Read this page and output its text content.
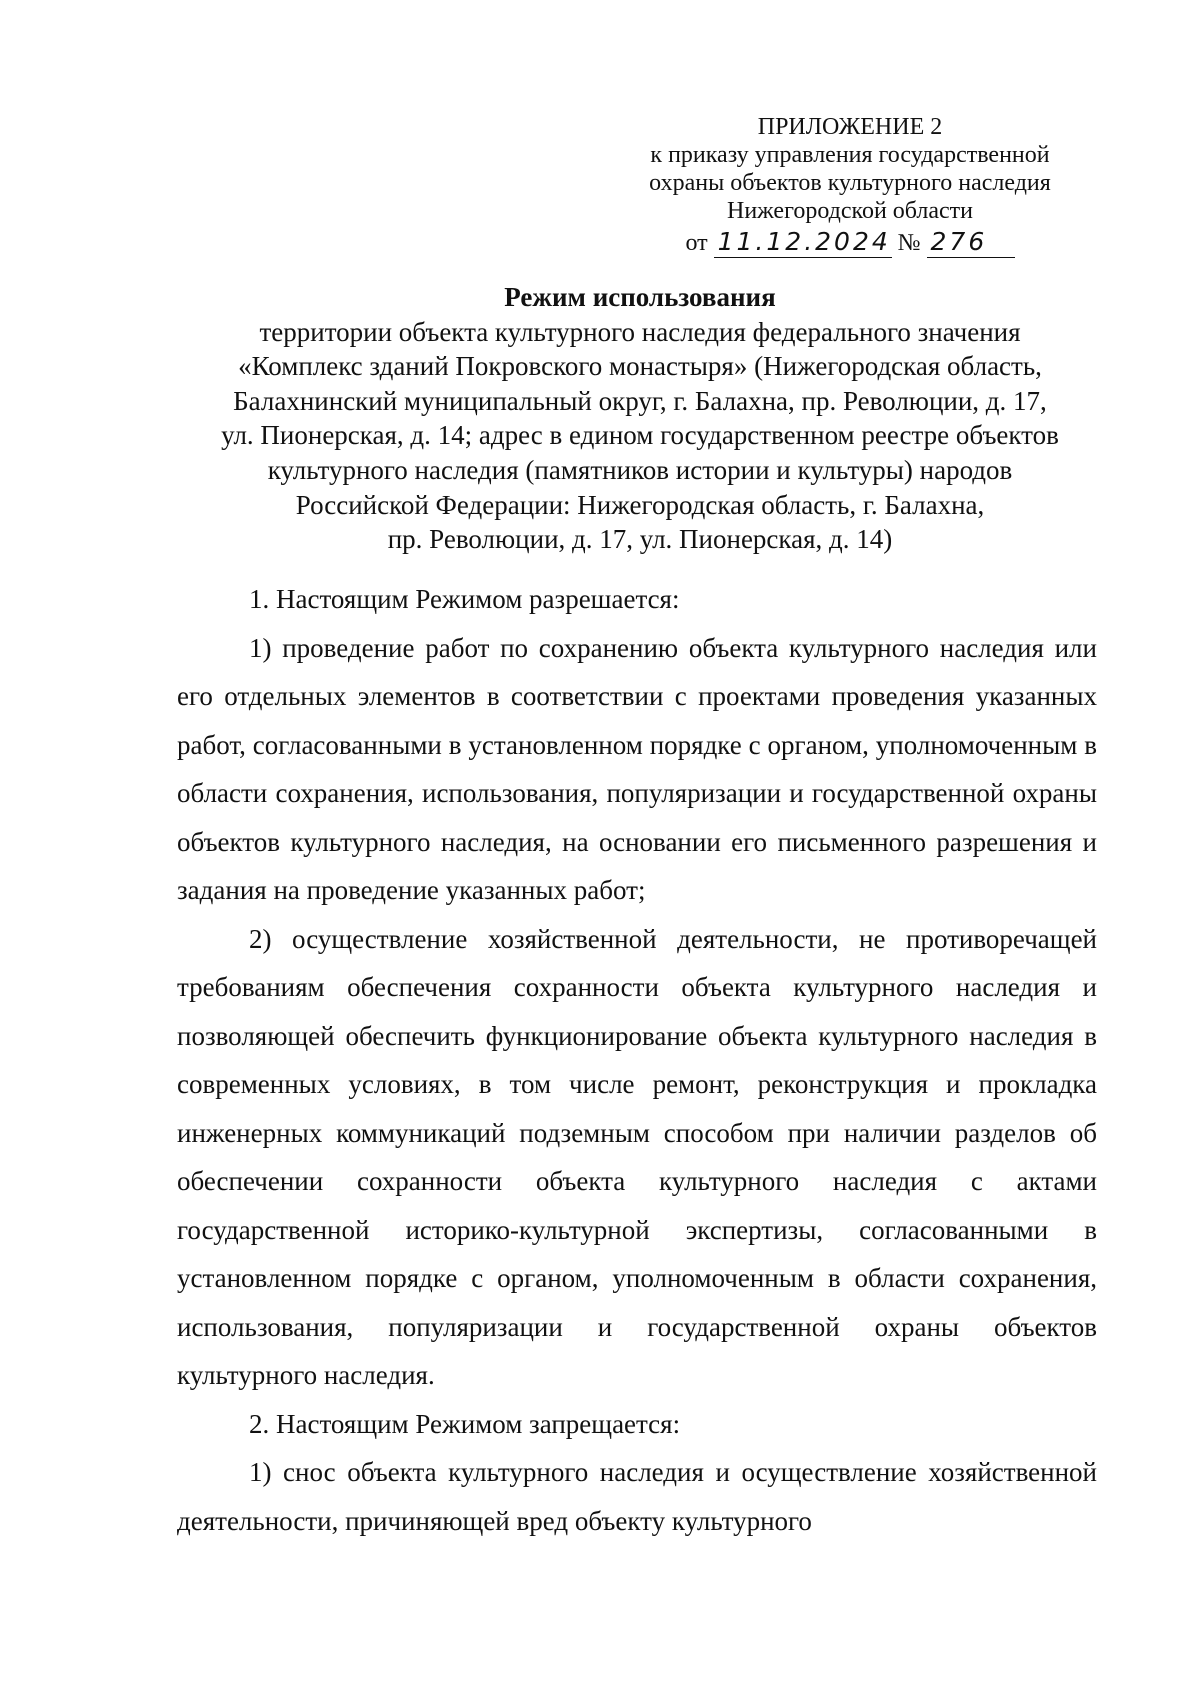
ПРИЛОЖЕНИЕ 2
к приказу управления государственной
охраны объектов культурного наследия
Нижегородской области
от 11.12.2024 № 276
Режим использования
территории объекта культурного наследия федерального значения
«Комплекс зданий Покровского монастыря» (Нижегородская область,
Балахнинский муниципальный округ, г. Балахна, пр. Революции, д. 17,
ул. Пионерская, д. 14; адрес в едином государственном реестре объектов
культурного наследия (памятников истории и культуры) народов
Российской Федерации: Нижегородская область, г. Балахна,
пр. Революции, д. 17, ул. Пионерская, д. 14)

1. Настоящим Режимом разрешается:

1) проведение работ по сохранению объекта культурного наследия или его отдельных элементов в соответствии с проектами проведения указанных работ, согласованными в установленном порядке с органом, уполномоченным в области сохранения, использования, популяризации и государственной охраны объектов культурного наследия, на основании его письменного разрешения и задания на проведение указанных работ;

2) осуществление хозяйственной деятельности, не противоречащей требованиям обеспечения сохранности объекта культурного наследия и позволяющей обеспечить функционирование объекта культурного наследия в современных условиях, в том числе ремонт, реконструкция и прокладка инженерных коммуникаций подземным способом при наличии разделов об обеспечении сохранности объекта культурного наследия с актами государственной историко-культурной экспертизы, согласованными в установленном порядке с органом, уполномоченным в области сохранения, использования, популяризации и государственной охраны объектов культурного наследия.

2. Настоящим Режимом запрещается:

1) снос объекта культурного наследия и осуществление хозяйственной деятельности, причиняющей вред объекту культурного
